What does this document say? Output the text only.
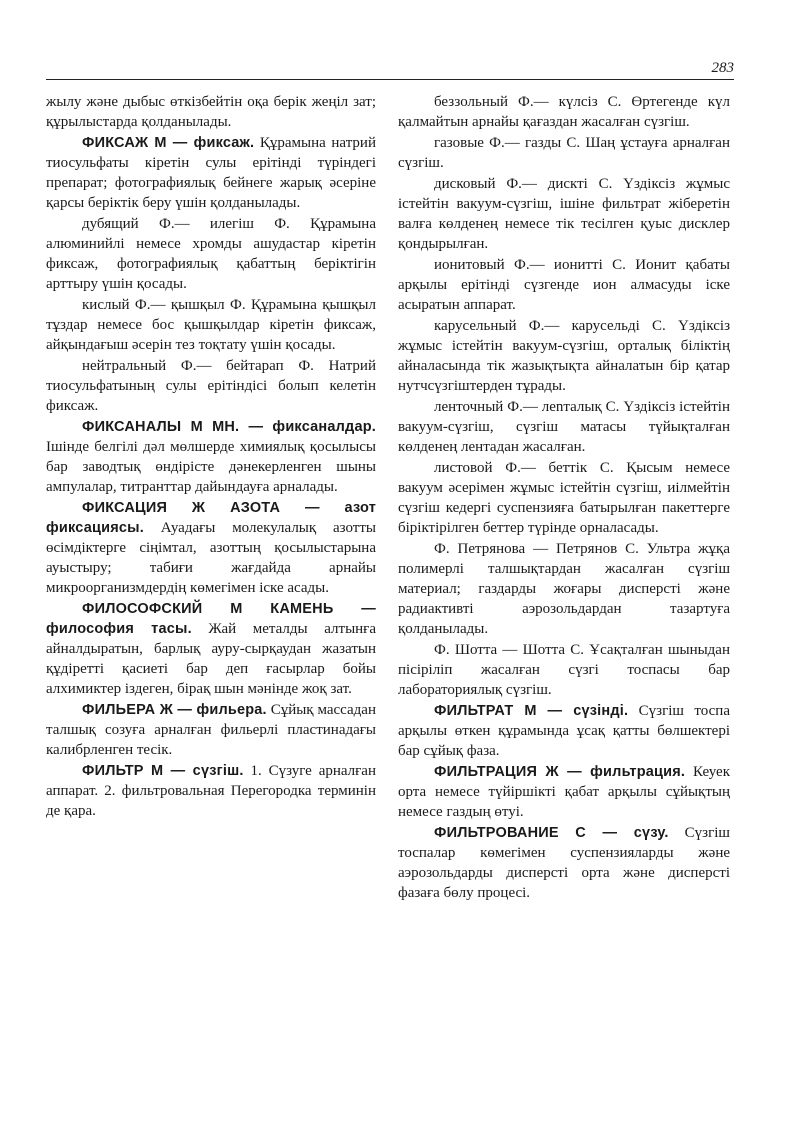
283

жылу және дыбыс өткізбейтін оқа берік жеңіл зат; құрылыстарда қолданылады.

ФИКСАЖ М — фиксаж. Құрамына натрий тиосульфаты кіретін сулы ерітінді түріндегі препарат; фотографиялық бейнеге жарық әсеріне қарсы беріктік беру үшін қолданылады.

дубящий Ф.— илегіш Ф. Құрамына алюминийлі немесе хромды ашудастар кіретін фиксаж, фотографиялық қабаттың беріктігін арттыру үшін қосады.

кислый Ф.— қышқыл Ф. Құрамына қышқыл тұздар немесе бос қышқылдар кіретін фиксаж, айқындағыш әсерін тез тоқтату үшін қосады.

нейтральный Ф.— бейтарап Ф. Натрий тиосульфатының сулы ерітіндісі болып келетін фиксаж.

ФИКСАНАЛЫ М МН. — фиксаналдар. Ішінде белгілі дәл мөлшерде химиялық қосылысы бар заводтық өндірісте дәнекерленген шыны ампулалар, титранттар дайындауға арналады.

ФИКСАЦИЯ Ж АЗОТА — азот фиксациясы. Ауадағы молекулалық азотты өсімдіктерге сіңімтал, азоттың қосылыстарына ауыстыру; табиғи жағдайда арнайы микроорганизмдердің көмегімен іске асады.

ФИЛОСОФСКИЙ М КАМЕНЬ — философия тасы. Жай металды алтынға айналдыратын, барлық ауру-сырқаудан жазатын құдіретті қасиеті бар деп ғасырлар бойы алхимиктер іздеген, бірақ шын мәнінде жоқ зат.

ФИЛЬЕРА Ж — фильера. Сұйық массадан талшық созуға арналған фильерлі пластинадағы калибрленген тесік.

ФИЛЬТР М — сүзгіш. 1. Сүзуге арналған аппарат. 2. фильтровальная Перегородка терминін де қара.

беззольный Ф.— күлсіз С. Өртегенде күл қалмайтын арнайы қағаздан жасалған сүзгіш.

газовые Ф.— газды С. Шаң ұстауға арналған сүзгіш.

дисковый Ф.— дискті С. Үздіксіз жұмыс істейтін вакуум-сүзгіш, ішіне фильтрат жіберетін валға көлденең немесе тік тесілген қуыс дисклер қондырылған.

ионитовый Ф.— ионитті С. Ионит қабаты арқылы ерітінді сүзгенде ион алмасуды іске асыратын аппарат.

карусельный Ф.— карусельді С. Үздіксіз жұмыс істейтін вакуум-сүзгіш, орталық біліктің айналасында тік жазықтықта айналатын бір қатар нутчсүзгіштерден тұрады.

ленточный Ф.— лenталық С. Үздіксіз істейтін вакуум-сүзгіш, сүзгіш матасы түйықталған көлденең лентадан жасалған.

листовой Ф.— беттік С. Қысым немесе вакуум әсерімен жұмыс істейтін сүзгіш, иілмейтін сүзгіш кедергі суспензияға батырылған пакеттерге біріктірілген беттер түрінде орналасады.

Ф. Петрянова — Петрянов С. Ультра жұқа полимерлі талшықтардан жасалған сүзгіш материал; газдарды жоғары дисперсті және радиактивті аэрозольдардан тазартуға қолданылады.

Ф. Шотта — Шотта С. Ұсақталған шыныдан пісіріліп жасалған сүзгі тоспасы бар лабораториялық сүзгіш.

ФИЛЬТРАТ М — сүзінді. Сүзгіш тоспа арқылы өткен құрамында ұсақ қатты бөлшектері бар сұйық фаза.

ФИЛЬТРАЦИЯ Ж — фильтрация. Кеуек орта немесе түйіршікті қабат арқылы сұйықтың немесе газдың өтуі.

ФИЛЬТРОВАНИЕ С — сүзу. Сүзгіш тоспалар көмегімен суспензияларды және аэрозольдарды дисперсті орта және дисперсті фазаға бөлу процесі.
